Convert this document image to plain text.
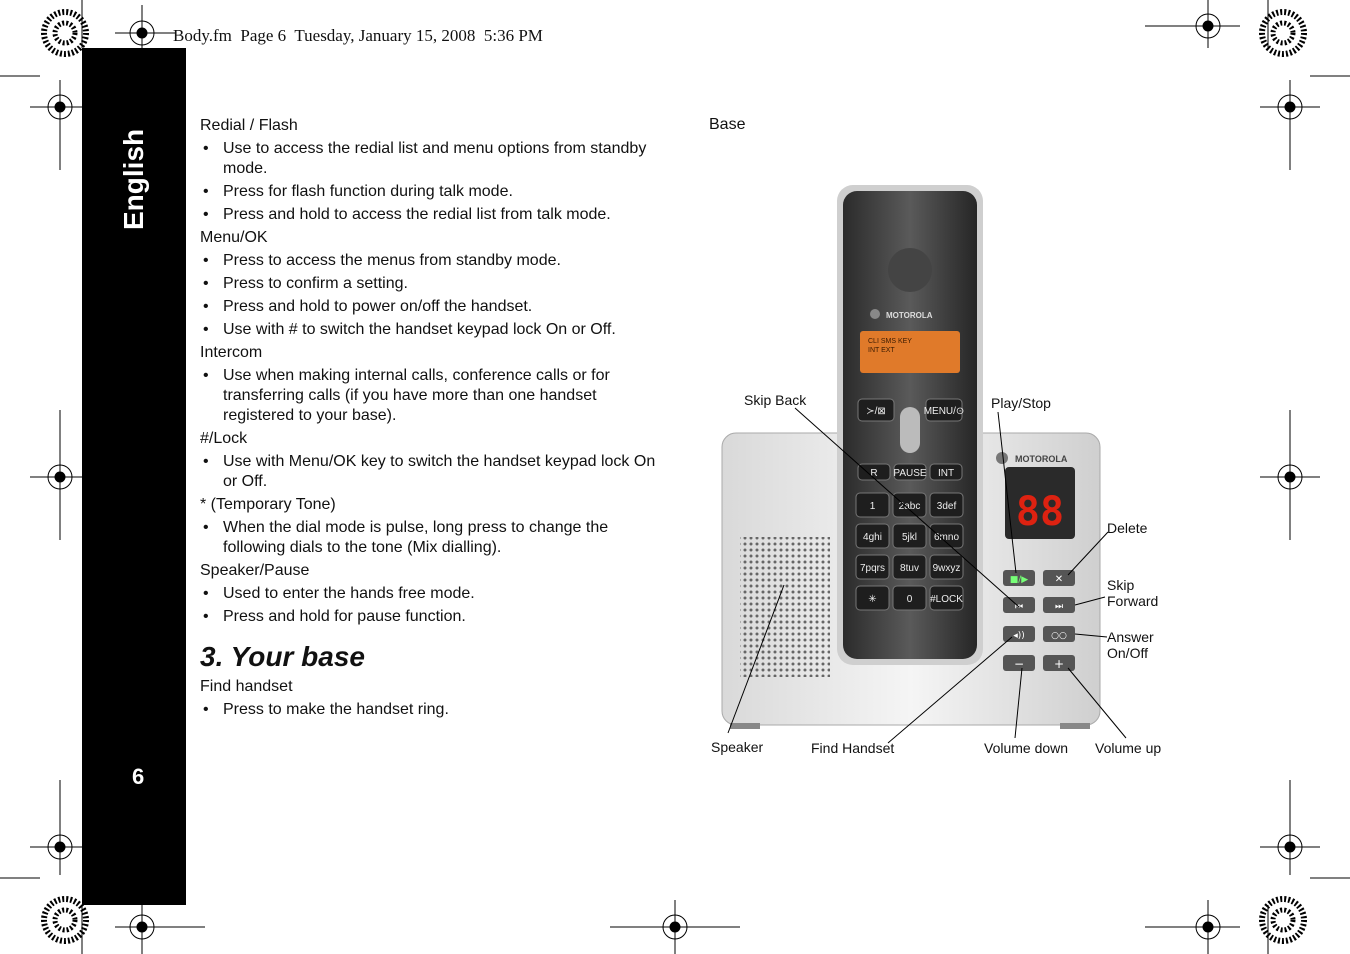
Body.fm  Page 6  Tuesday, January 15, 2008  5:36 PM
English
6
Redial / Flash
• Use to access the redial list and menu options from standby mode.
• Press for flash function during talk mode.
• Press and hold to access the redial list from talk mode.
Menu/OK
• Press to access the menus from standby mode.
• Press to confirm a setting.
• Press and hold to power on/off the handset.
• Use with # to switch the handset keypad lock On or Off.
Intercom
• Use when making internal calls, conference calls or for transferring calls (if you have more than one handset registered to your base).
#/Lock
• Use with Menu/OK key to switch the handset keypad lock On or Off.
* (Temporary Tone)
• When the dial mode is pulse, long press to change the following dials to the tone (Mix dialling).
Speaker/Pause
• Used to enter the hands free mode.
• Press and hold for pause function.
3. Your base
Find handset
• Press to make the handset ring.
Base
MOTOROLA
88
■/▶	✕
⏮	⏭
◂))	○○
− +
MOTOROLA
CLI SMS KEY
INT EXT
≻/⊠	MENU/⊙
R PAUSE INT
1 2abc 3def
4ghi 5jkl 6mno
7pqrs 8tuv 9wxyz
✳	0 #LOCK
Skip Back	Play/Stop
Delete
Skip
Forward
Answer
On/Off
Speaker	Find Handset	Volume down Volume up
